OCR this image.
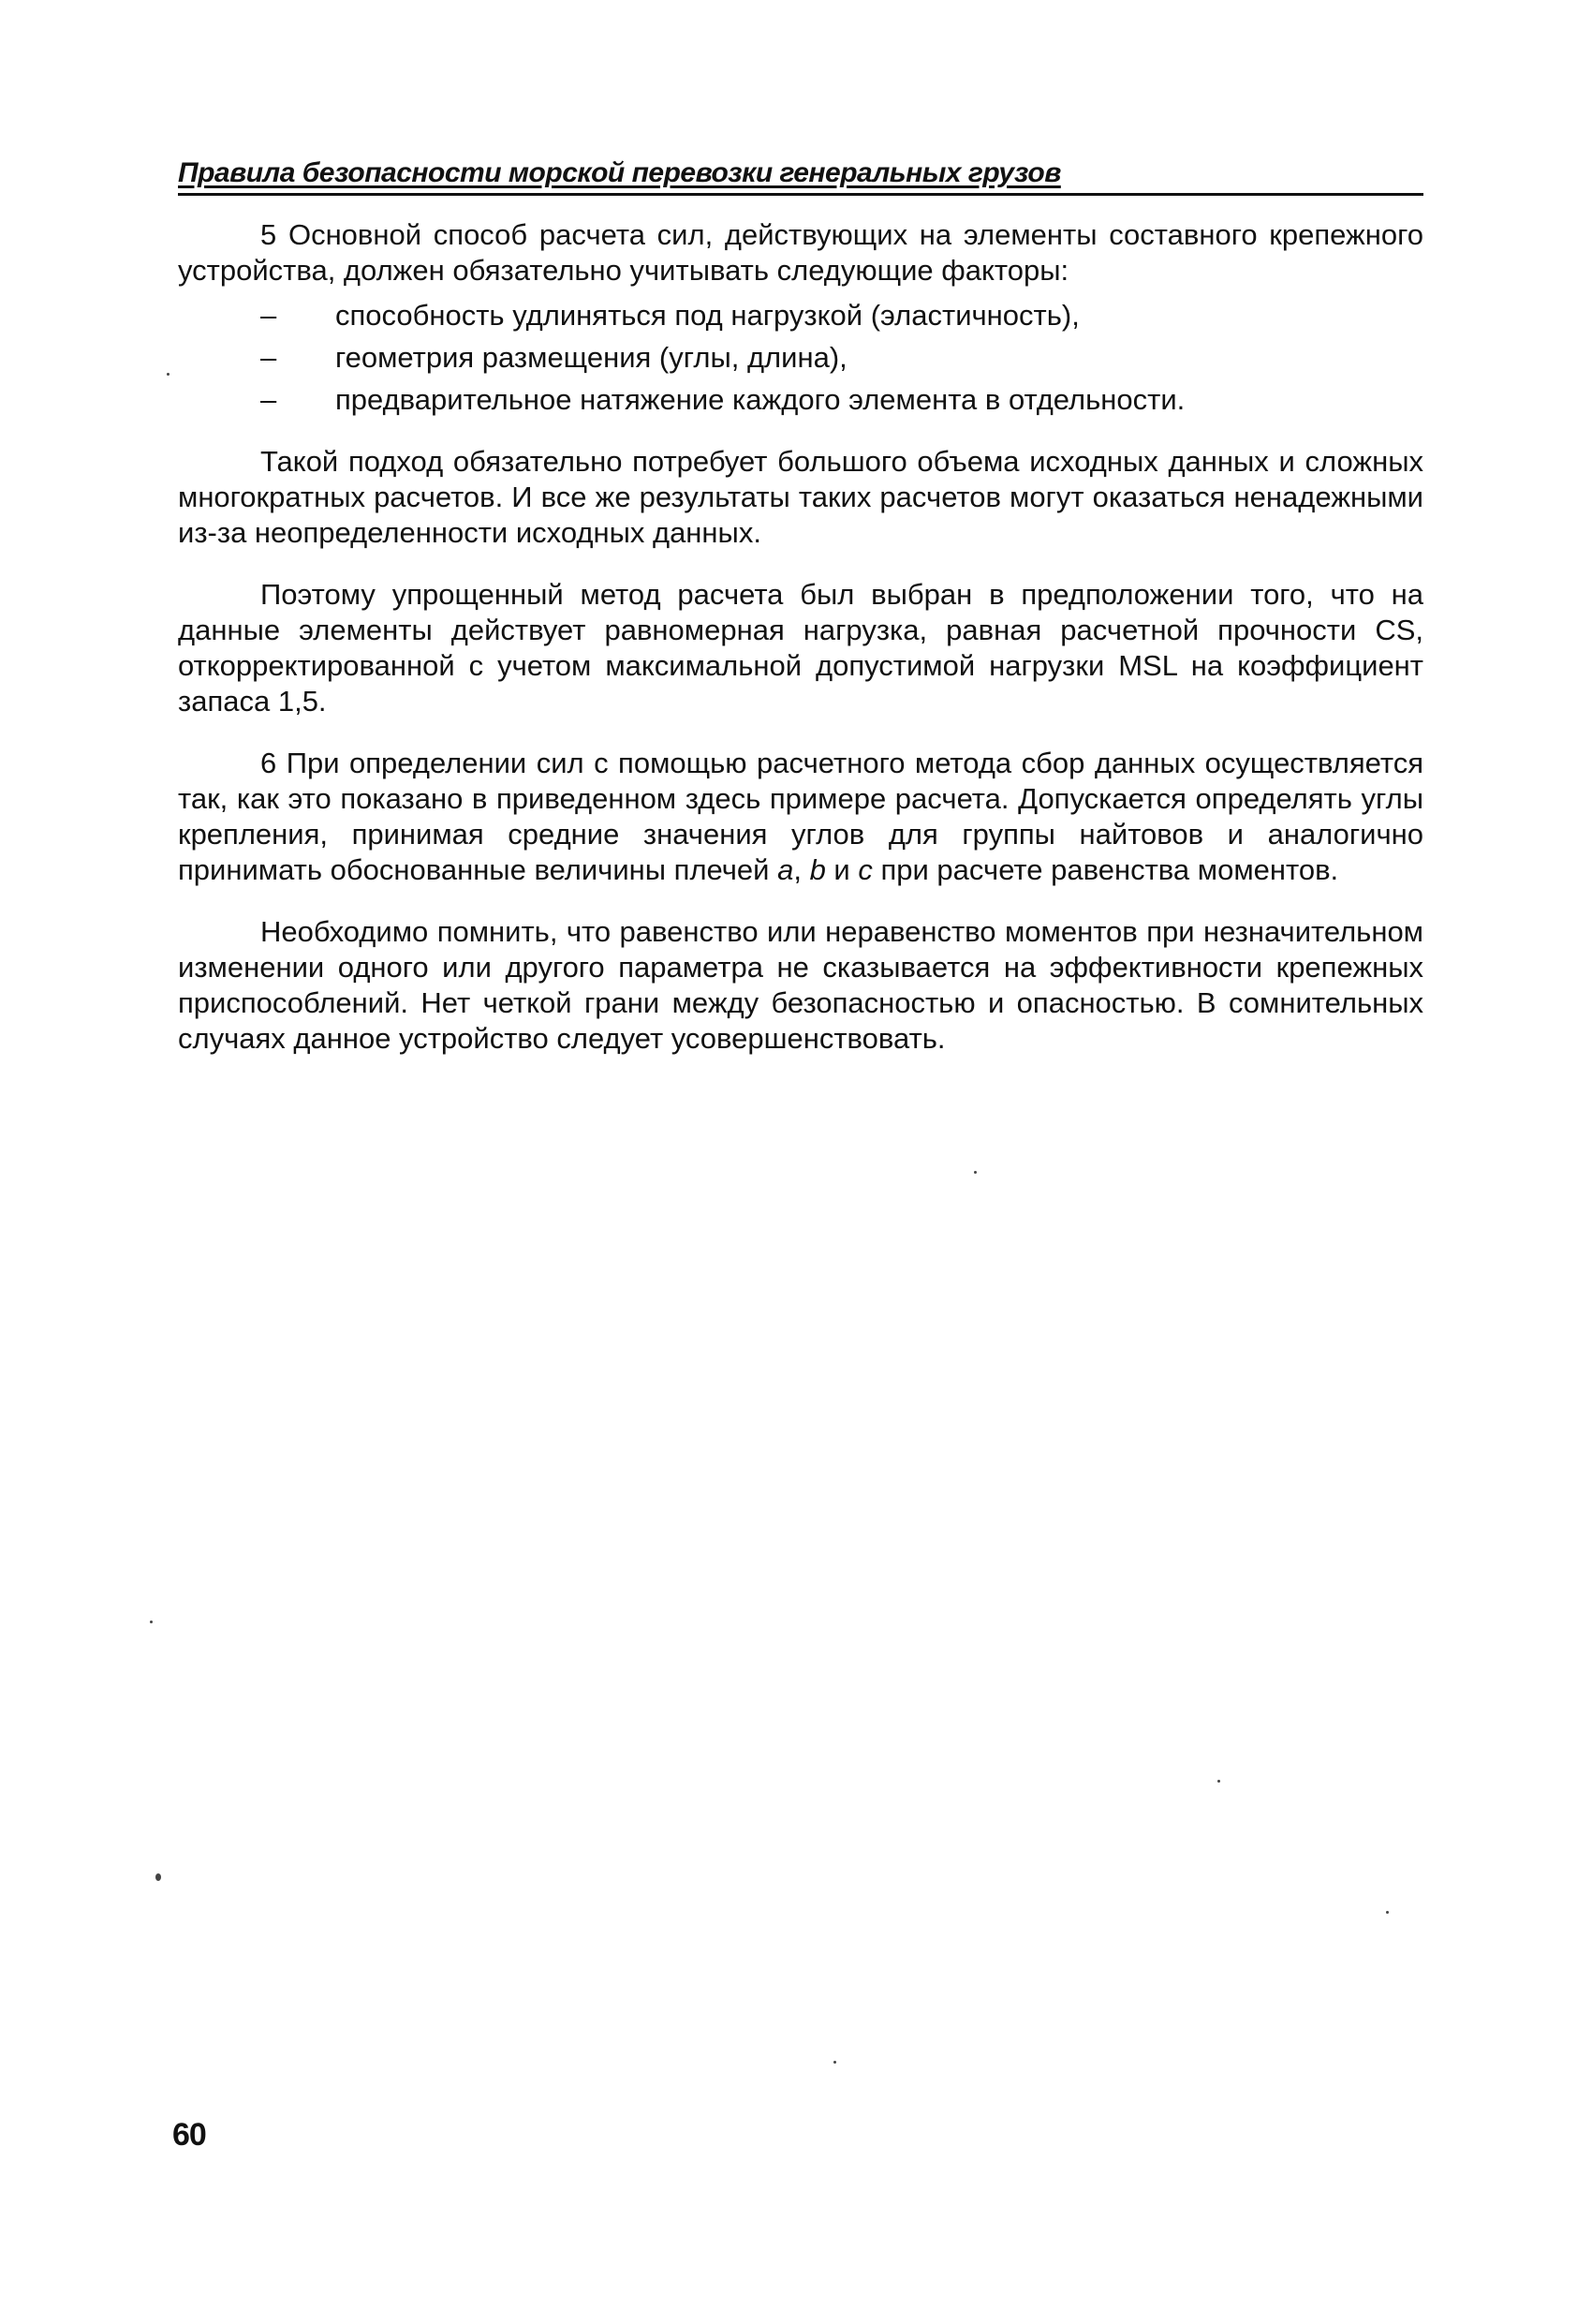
Правила безопасности морской перевозки генеральных грузов

5 Основной способ расчета сил, действующих на элементы составного крепежного устройства, должен обязательно учитывать следующие факторы:

– способность удлиняться под нагрузкой (эластичность),
– геометрия размещения (углы, длина),
– предварительное натяжение каждого элемента в отдельности.

Такой подход обязательно потребует большого объема исходных данных и сложных многократных расчетов. И все же результаты таких расчетов могут оказаться ненадежными из-за неопределенности исходных данных.

Поэтому упрощенный метод расчета был выбран в предположении того, что на данные элементы действует равномерная нагрузка, равная расчетной прочности CS, откорректированной с учетом максимальной допустимой нагрузки MSL на коэффициент запаса 1,5.

6 При определении сил с помощью расчетного метода сбор данных осуществляется так, как это показано в приведенном здесь примере расчета. Допускается определять углы крепления, принимая средние значения углов для группы найтовов и аналогично принимать обоснованные величины плечей a, b и c при расчете равенства моментов.

Необходимо помнить, что равенство или неравенство моментов при незначительном изменении одного или другого параметра не сказывается на эффективности крепежных приспособлений. Нет четкой грани между безопасностью и опасностью. В сомнительных случаях данное устройство следует усовершенствовать.

60
